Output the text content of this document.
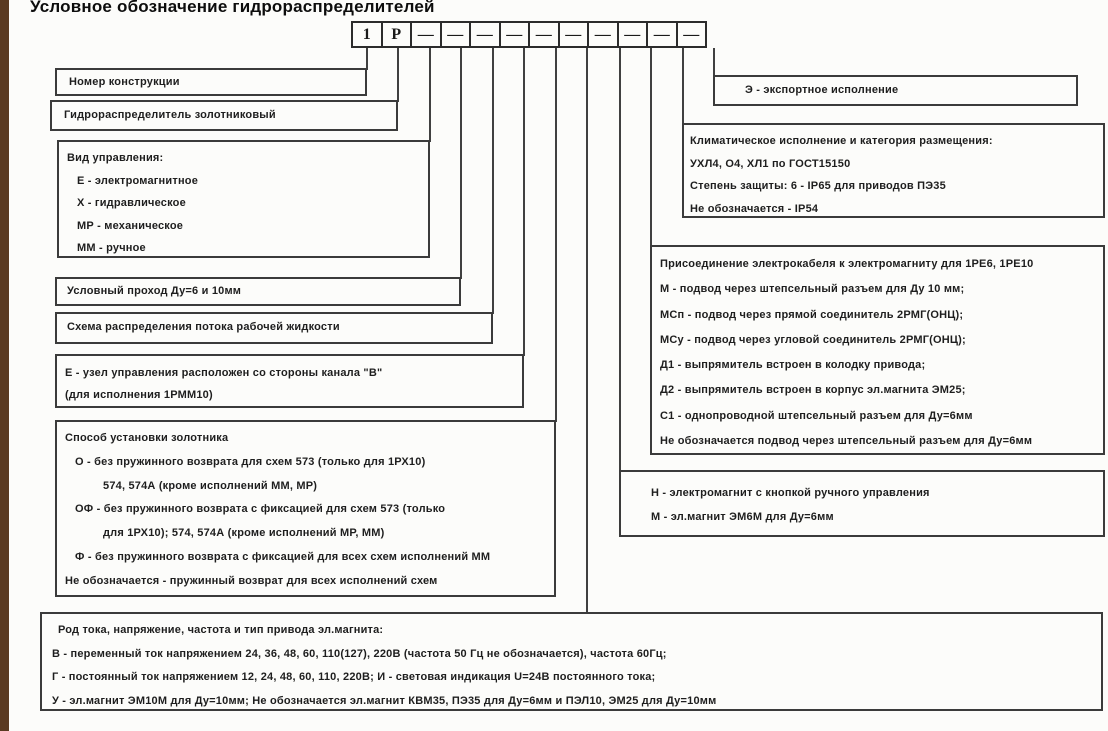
Условное обозначение гидрораспределителей
1	Р	— — — — — — — — — —
Номер конструкции
Гидрораспределитель золотниковый
Вид управления:
Е - электромагнитное
Х - гидравлическое
МР - механическое
ММ - ручное
Условный проход Ду=6 и 10мм
Схема распределения потока рабочей жидкости
Е - узел управления расположен со стороны канала "В"
(для исполнения 1РММ10)
Способ установки золотника
О - без пружинного возврата для схем 573 (только для 1РХ10)
574, 574А (кроме исполнений ММ, МР)
ОФ - без пружинного возврата с фиксацией для схем 573 (только
для 1РХ10); 574, 574А (кроме исполнений МР, ММ)
Ф - без пружинного возврата с фиксацией для всех схем исполнений ММ
Не обозначается - пружинный возврат для всех исполнений схем
Род тока, напряжение, частота и тип привода эл.магнита:
В - переменный ток напряжением 24, 36, 48, 60, 110(127), 220В (частота 50 Гц не обозначается), частота 60Гц;
Г - постоянный ток напряжением 12, 24, 48, 60, 110, 220В; И - световая индикация U=24В постоянного тока;
У - эл.магнит ЭМ10М для Ду=10мм; Не обозначается эл.магнит КВМ35, ПЭ35 для Ду=6мм и ПЭЛ10, ЭМ25 для Ду=10мм
Н - электромагнит с кнопкой ручного управления
М - эл.магнит ЭМ6М для Ду=6мм
Присоединение электрокабеля к электромагниту для 1РЕ6, 1РЕ10
М - подвод через штепсельный разъем для Ду 10 мм;
МСп - подвод через прямой соединитель 2РМГ(ОНЦ);
МСу - подвод через угловой соединитель 2РМГ(ОНЦ);
Д1 - выпрямитель встроен в колодку привода;
Д2 - выпрямитель встроен в корпус эл.магнита ЭМ25;
С1 - однопроводной штепсельный разъем для Ду=6мм
Не обозначается подвод через штепсельный разъем для Ду=6мм
Климатическое исполнение и категория размещения:
УХЛ4, О4, ХЛ1 по ГОСТ15150
Степень защиты: 6 - IP65 для приводов ПЭ35
Не обозначается - IP54
Э - экспортное исполнение
